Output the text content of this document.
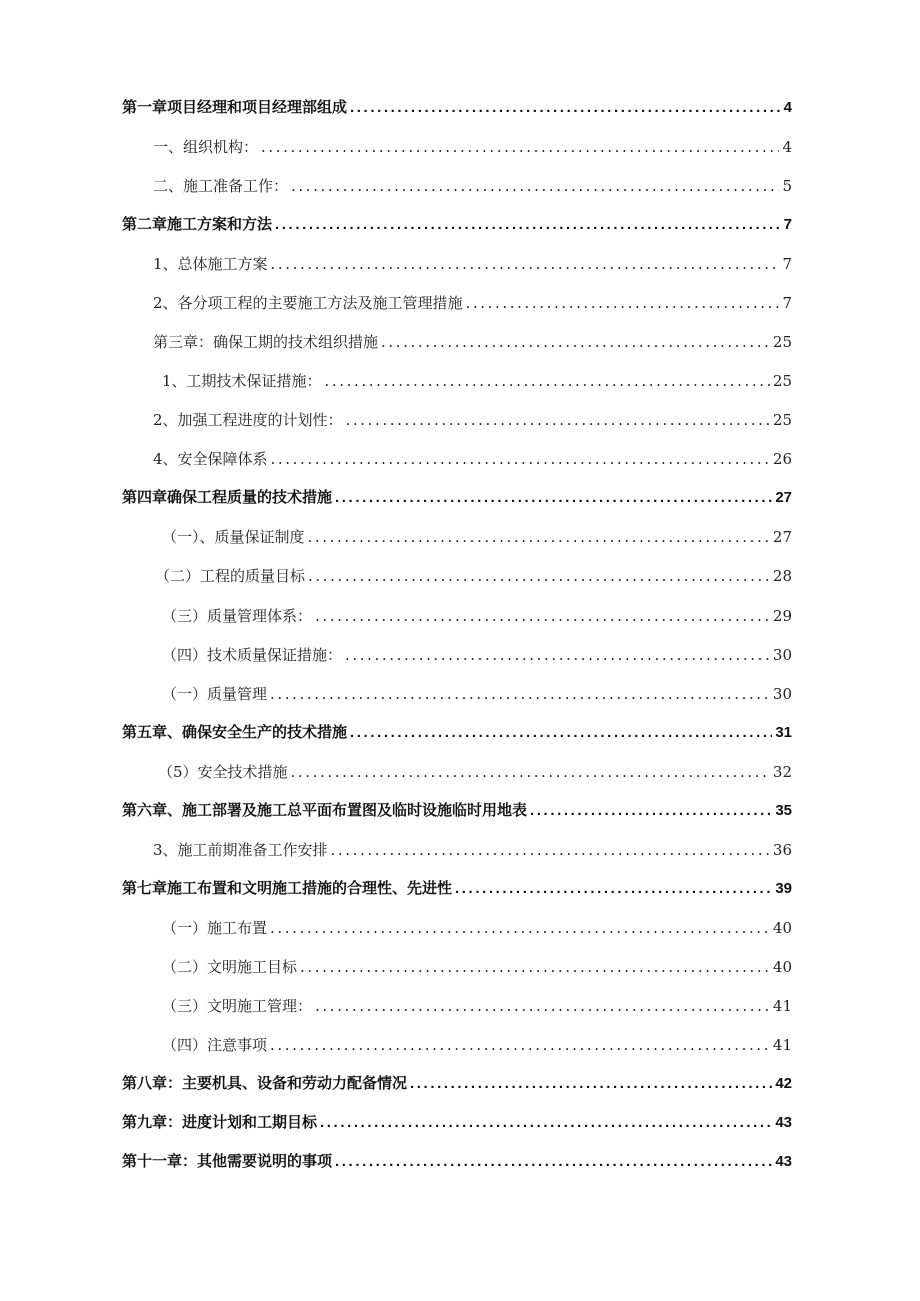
第一章项目经理和项目经理部组成 .....	4
一、组织机构： .....	4
二、施工准备工作： .....	5
第二章施工方案和方法 .....	7
1、总体施工方案 .....	7
2、各分项工程的主要施工方法及施工管理措施 .....	7
第三章：确保工期的技术组织措施 .....	25
1、工期技术保证措施： .....	25
2、加强工程进度的计划性： .....	25
4、安全保障体系 .....	26
第四章确保工程质量的技术措施 .....	27
（一）、质量保证制度 .....	27
（二）工程的质量目标 .....	28
（三）质量管理体系： .....	29
（四）技术质量保证措施： .....	30
（一）质量管理 .....	30
第五章、确保安全生产的技术措施 .....	31
（5）安全技术措施 .....	32
第六章、施工部署及施工总平面布置图及临时设施临时用地表 .....	35
3、施工前期准备工作安排 .....	36
第七章施工布置和文明施工措施的合理性、先进性 .....	39
（一）施工布置 .....	40
（二）文明施工目标 .....	40
（三）文明施工管理： .....	41
（四）注意事项 .....	41
第八章：主要机具、设备和劳动力配备情况 .....	42
第九章：进度计划和工期目标 .....	43
第十一章：其他需要说明的事项 .....	43
